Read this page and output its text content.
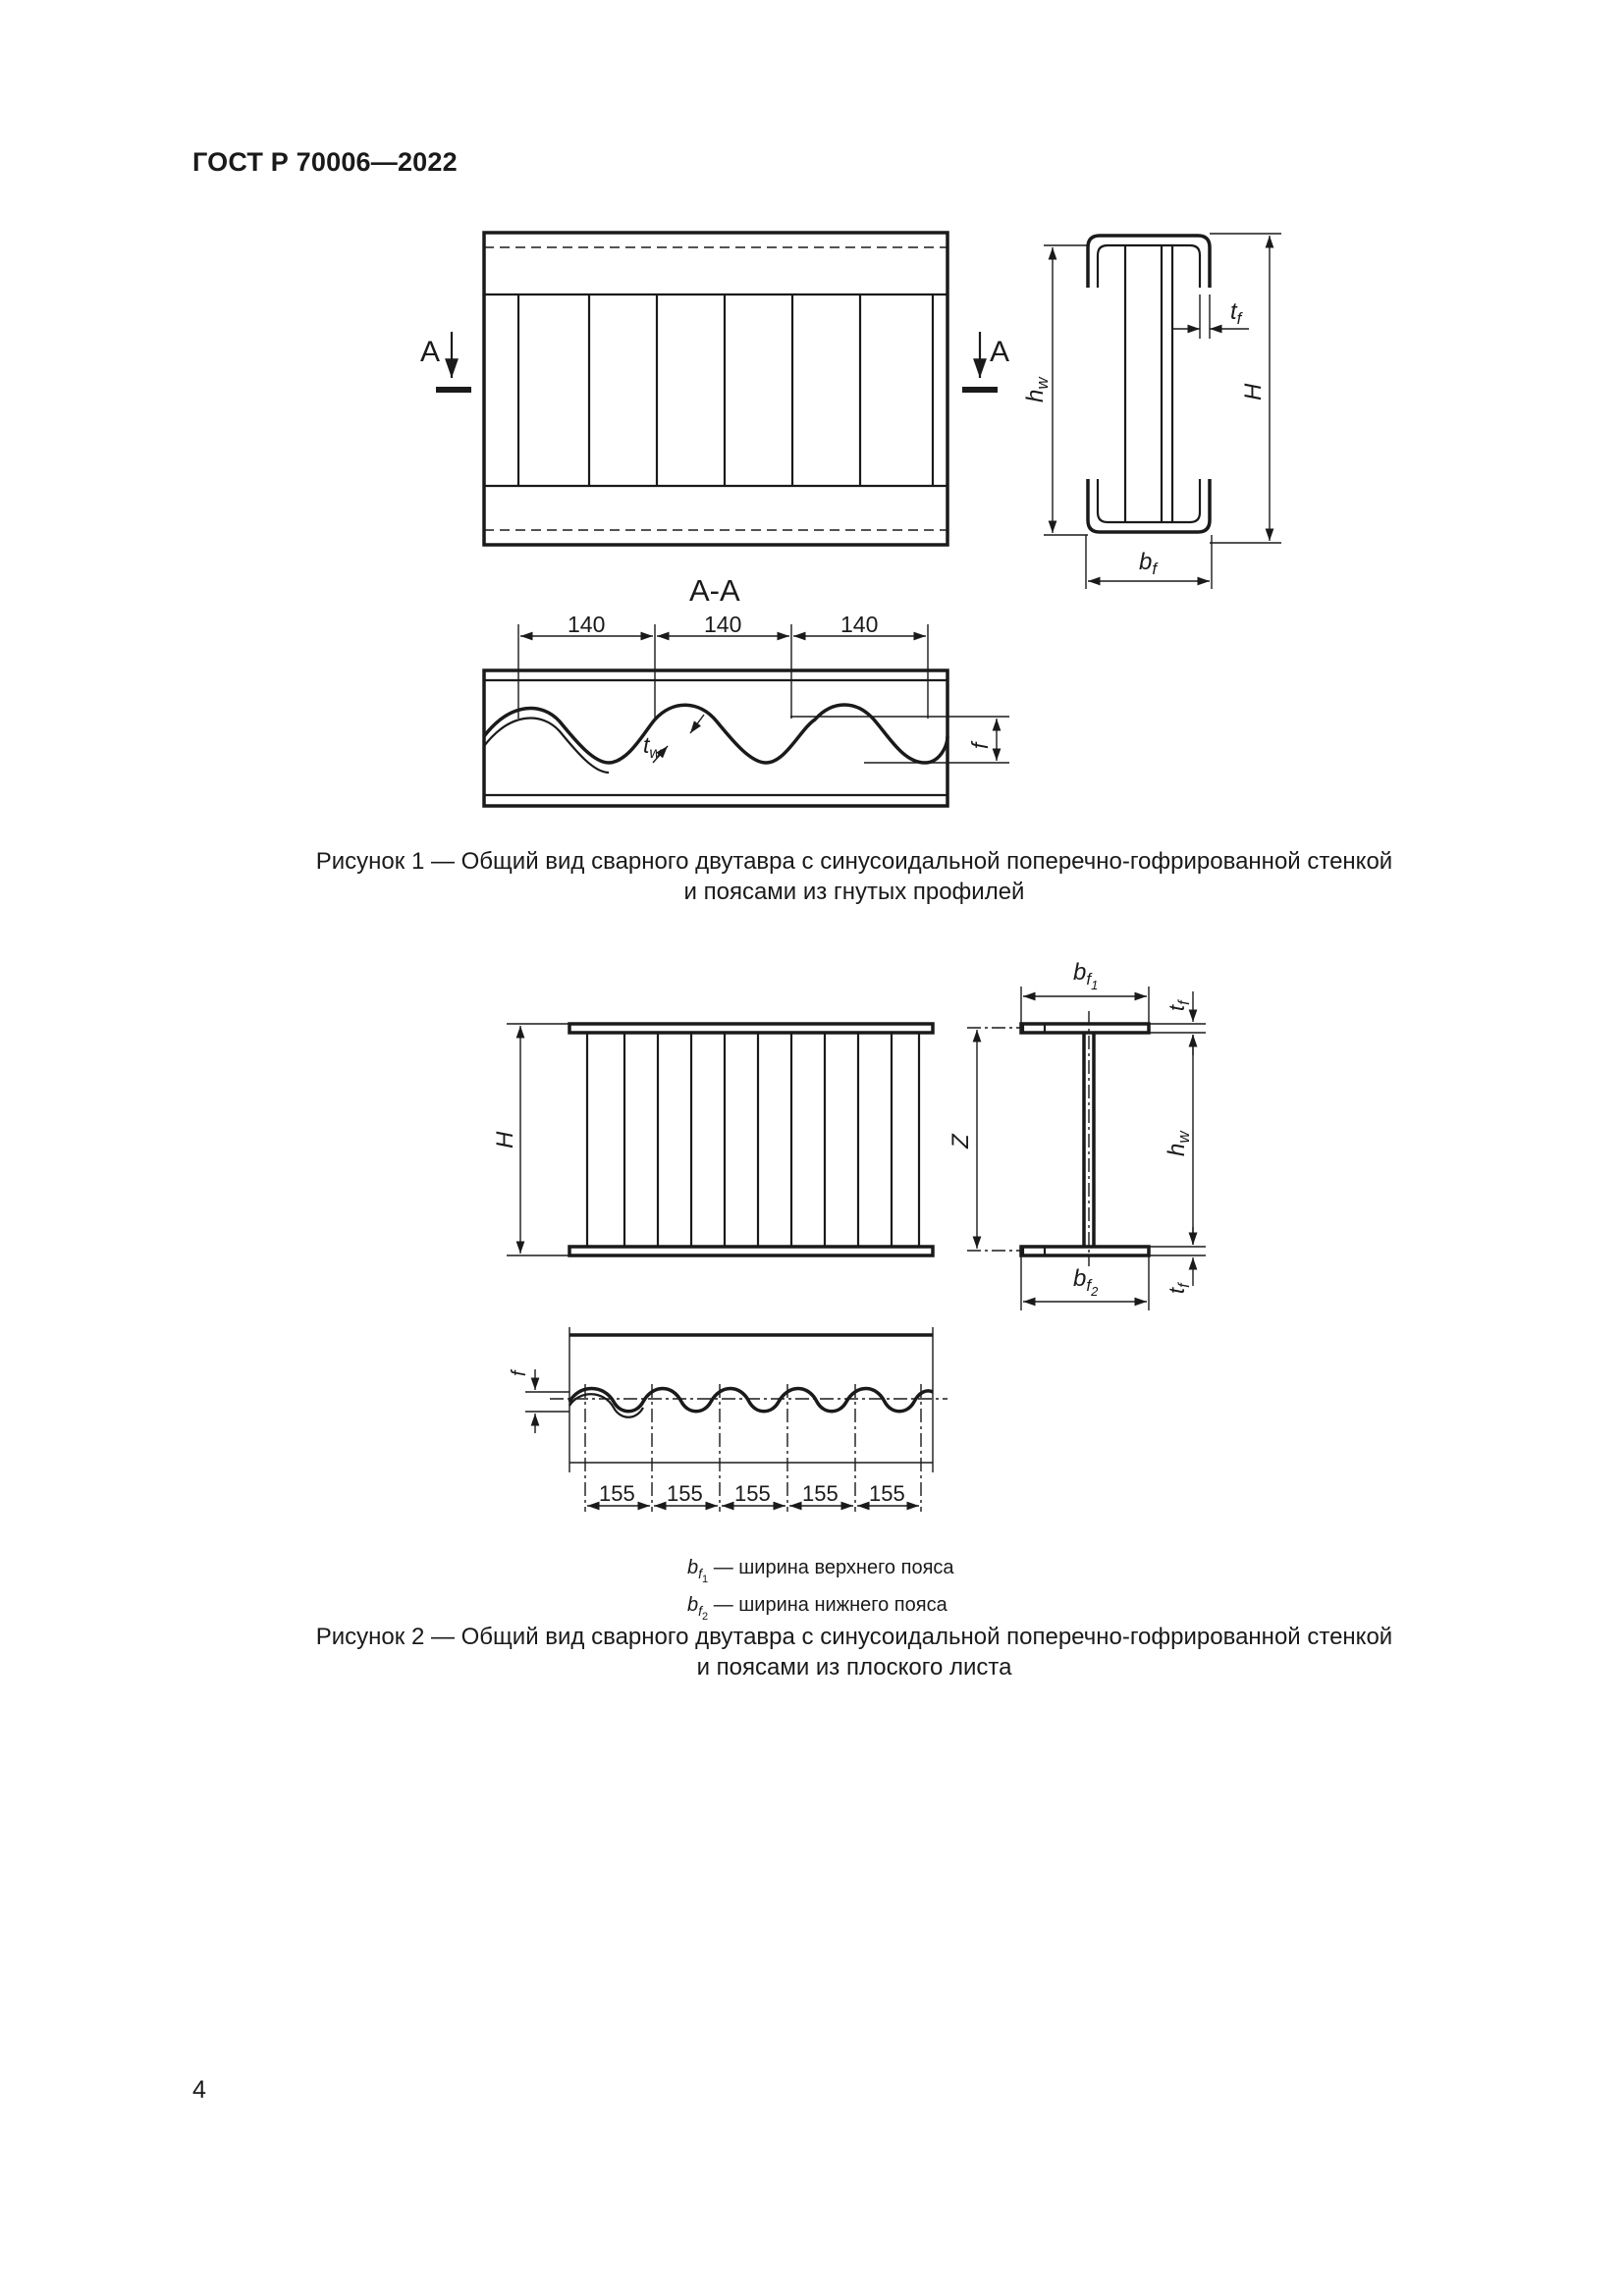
ГОСТ Р 70006—2022
A	A
$h_w$
H
$t_f$
$b_f$
A-A
140	140	140
f
$t_w$
H	Z
$b_{f1}$
$b_{f2}$
$h_w$
$t_f$
$t_f$
f
155 155 155 155 155
Рисунок 1 — Общий вид сварного двутавра с синусоидальной поперечно-гофрированной стенкой
и поясами из гнутых профилей
$b_{f_1}$ — ширина верхнего пояса
$b_{f_2}$ — ширина нижнего пояса
Рисунок 2 — Общий вид сварного двутавра с синусоидальной поперечно-гофрированной стенкой
и поясами из плоского листа
4
